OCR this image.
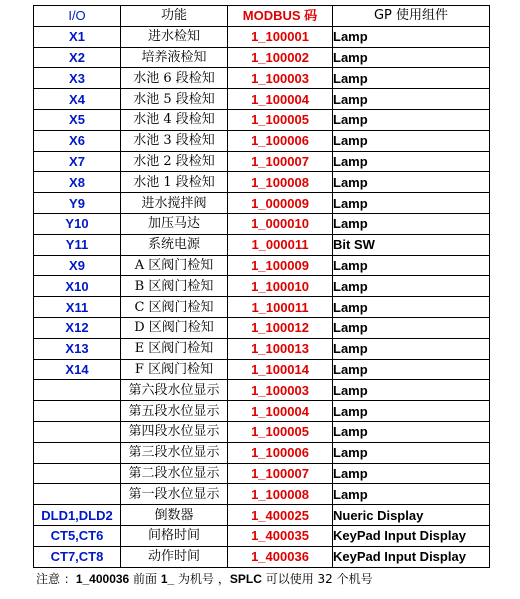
I/O	功能	MODBUS 码	GP 使用组件
X1	进水检知	1_100001	Lamp
X2	培养液检知	1_100002	Lamp
X3	水池 6 段检知	1_100003	Lamp
X4	水池 5 段检知	1_100004	Lamp
X5	水池 4 段检知	1_100005	Lamp
X6	水池 3 段检知	1_100006	Lamp
X7	水池 2 段检知	1_100007	Lamp
X8	水池 1 段检知	1_100008	Lamp
Y9	进水搅拌阀	1_000009	Lamp
Y10	加压马达	1_000010	Lamp
Y11	系统电源	1_000011	Bit SW
X9	A 区阀门检知	1_100009	Lamp
X10	B 区阀门检知	1_100010	Lamp
X11	C 区阀门检知	1_100011	Lamp
X12	D 区阀门检知	1_100012	Lamp
X13	E 区阀门检知	1_100013	Lamp
X14	F 区阀门检知	1_100014	Lamp
	第六段水位显示	1_100003	Lamp
	第五段水位显示	1_100004	Lamp
	第四段水位显示	1_100005	Lamp
	第三段水位显示	1_100006	Lamp
	第二段水位显示	1_100007	Lamp
	第一段水位显示	1_100008	Lamp
DLD1,DLD2	倒数器	1_400025	Nueric Display
CT5,CT6	间格时间	1_400035	KeyPad Input Display
CT7,CT8	动作时间	1_400036	KeyPad Input Display
注意 ：1_400036 前面 1_ 为机号 ，SPLC 可以使用 32 个机号
